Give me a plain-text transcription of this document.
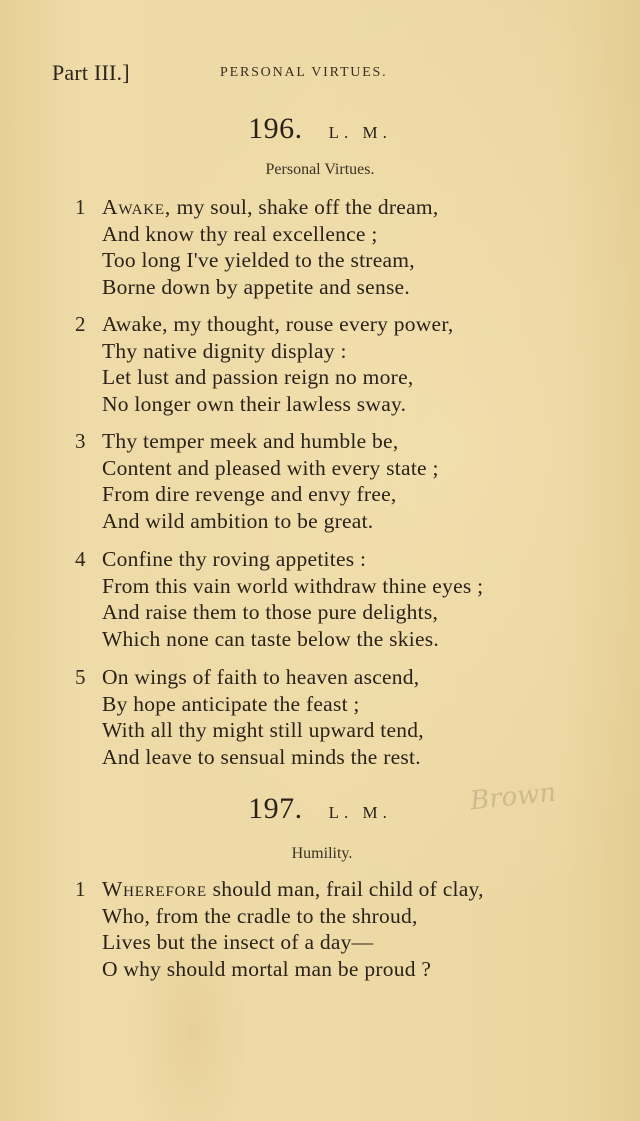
Part III.]	PERSONAL VIRTUES.
196. L. M.
Personal Virtues.
1 Awake, my soul, shake off the dream,
And know thy real excellence ;
Too long I've yielded to the stream,
Borne down by appetite and sense.
2 Awake, my thought, rouse every power,
Thy native dignity display :
Let lust and passion reign no more,
No longer own their lawless sway.
3 Thy temper meek and humble be,
Content and pleased with every state ;
From dire revenge and envy free,
And wild ambition to be great.
4 Confine thy roving appetites :
From this vain world withdraw thine eyes ;
And raise them to those pure delights,
Which none can taste below the skies.
5 On wings of faith to heaven ascend,
By hope anticipate the feast ;
With all thy might still upward tend,
And leave to sensual minds the rest.
197. L. M.	Brown
Humility.
1 Wherefore should man, frail child of clay,
Who, from the cradle to the shroud,
Lives but the insect of a day—
O why should mortal man be proud ?
